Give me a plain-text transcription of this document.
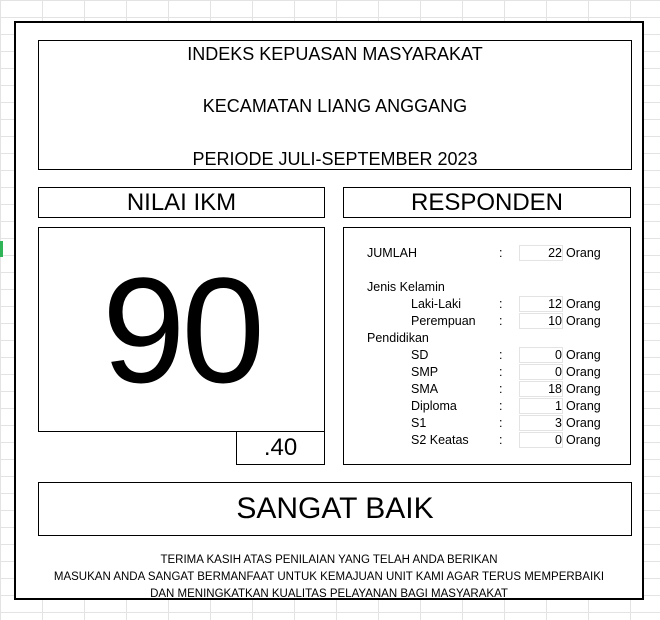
INDEKS KEPUASAN MASYARAKAT
KECAMATAN LIANG ANGGANG
PERIODE JULI-SEPTEMBER 2023
NILAI IKM	RESPONDEN
90
.40
JUMLAH	:	22 Orang
Jenis Kelamin
Laki-Laki	:	12 Orang
Perempuan :	10 Orang
Pendidikan
SD	:	0 Orang
SMP	:	0 Orang
SMA	:	18 Orang
Diploma	:	1 Orang
S1	:	3 Orang
S2 Keatas :	0 Orang
SANGAT BAIK
TERIMA KASIH ATAS PENILAIAN YANG TELAH ANDA BERIKAN
MASUKAN ANDA SANGAT BERMANFAAT UNTUK KEMAJUAN UNIT KAMI AGAR TERUS MEMPERBAIKI
DAN MENINGKATKAN KUALITAS PELAYANAN BAGI MASYARAKAT
